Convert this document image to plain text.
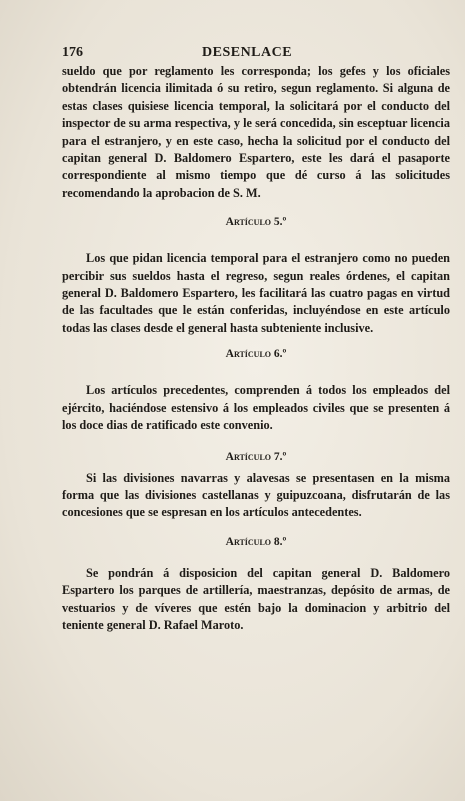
176	DESENLACE

sueldo que por reglamento les corresponda; los gefes y los oficiales obtendrán licencia ilimitada ó su retiro, segun reglamento. Si alguna de estas clases quisiese licencia temporal, la solicitará por el conducto del inspector de su arma respectiva, y le será concedida, sin esceptuar licencia para el estranjero, y en este caso, hecha la solicitud por el conducto del capitan general D. Baldomero Espartero, este les dará el pasaporte correspondiente al mismo tiempo que dé curso á las solicitudes recomendando la aprobacion de S. M.

Artículo 5.º

Los que pidan licencia temporal para el estranjero como no pueden percibir sus sueldos hasta el regreso, segun reales órdenes, el capitan general D. Baldomero Espartero, les facilitará las cuatro pagas en virtud de las facultades que le están conferidas, incluyéndose en este artículo todas las clases desde el general hasta subteniente inclusive.

Artículo 6.º

Los artículos precedentes, comprenden á todos los empleados del ejército, haciéndose estensivo á los empleados civiles que se presenten á los doce dias de ratificado este convenio.

Artículo 7.º

Si las divisiones navarras y alavesas se presentasen en la misma forma que las divisiones castellanas y guipuzcoana, disfrutarán de las concesiones que se espresan en los artículos antecedentes.

Artículo 8.º

Se pondrán á disposicion del capitan general D. Baldomero Espartero los parques de artillería, maestranzas, depósito de armas, de vestuarios y de víveres que estén bajo la dominacion y arbitrio del teniente general D. Rafael Maroto.
